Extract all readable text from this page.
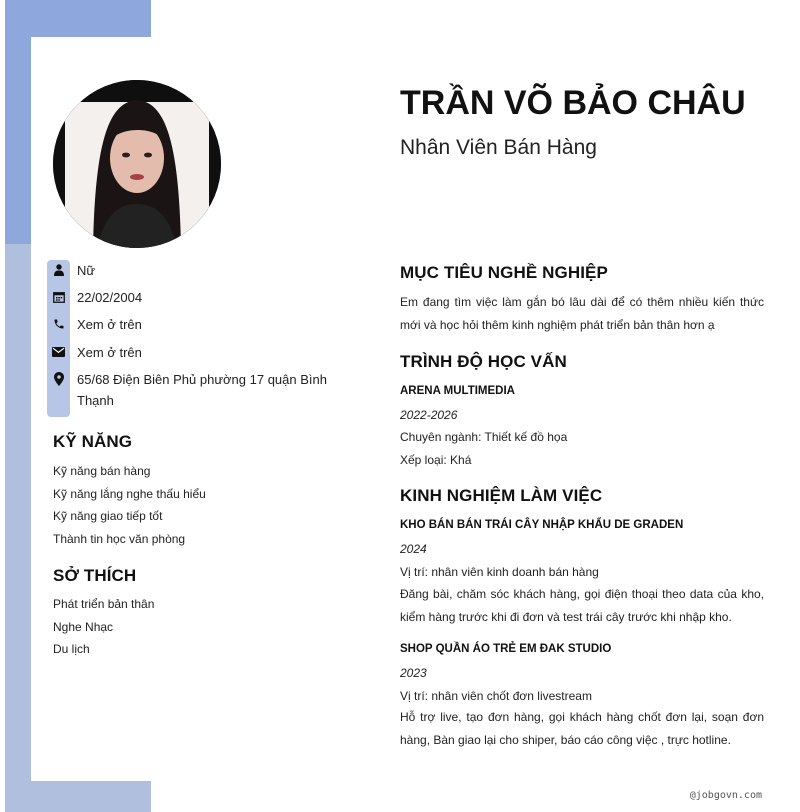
TRẦN VÕ BẢO CHÂU
Nhân Viên Bán Hàng
Nữ
22/02/2004
Xem ở trên
Xem ở trên
65/68 Điện Biên Phủ phường 17 quận Bình Thạnh
KỸ NĂNG
Kỹ năng bán hàng
Kỹ năng lắng nghe thấu hiểu
Kỹ năng giao tiếp tốt
Thành tin học văn phòng
SỞ THÍCH
Phát triển bản thân
Nghe Nhạc
Du lịch
MỤC TIÊU NGHỀ NGHIỆP
Em đang tìm việc làm gắn bó lâu dài để có thêm nhiều kiến thức mới và học hỏi thêm kinh nghiệm phát triển bản thân hơn ạ
TRÌNH ĐỘ HỌC VẤN
ARENA MULTIMEDIA
2022-2026
Chuyên ngành: Thiết kế đồ họa
Xếp loại: Khá
KINH NGHIỆM LÀM VIỆC
KHO BÁN BÁN TRÁI CÂY NHẬP KHẨU DE GRADEN
2024
Vị trí: nhân viên kinh doanh bán hàng
Đăng bài, chăm sóc khách hàng, gọi điện thoại theo data của kho, kiểm hàng trước khi đi đơn và test trái cây trước khi nhập kho.
SHOP QUẦN ÁO TRẺ EM ĐAK STUDIO
2023
Vị trí: nhân viên chốt đơn livestream
Hỗ trợ live, tạo đơn hàng, gọi khách hàng chốt đơn lại, soạn đơn hàng, Bàn giao lại cho shiper, báo cáo công việc , trực hotline.
@jobgovn.com
